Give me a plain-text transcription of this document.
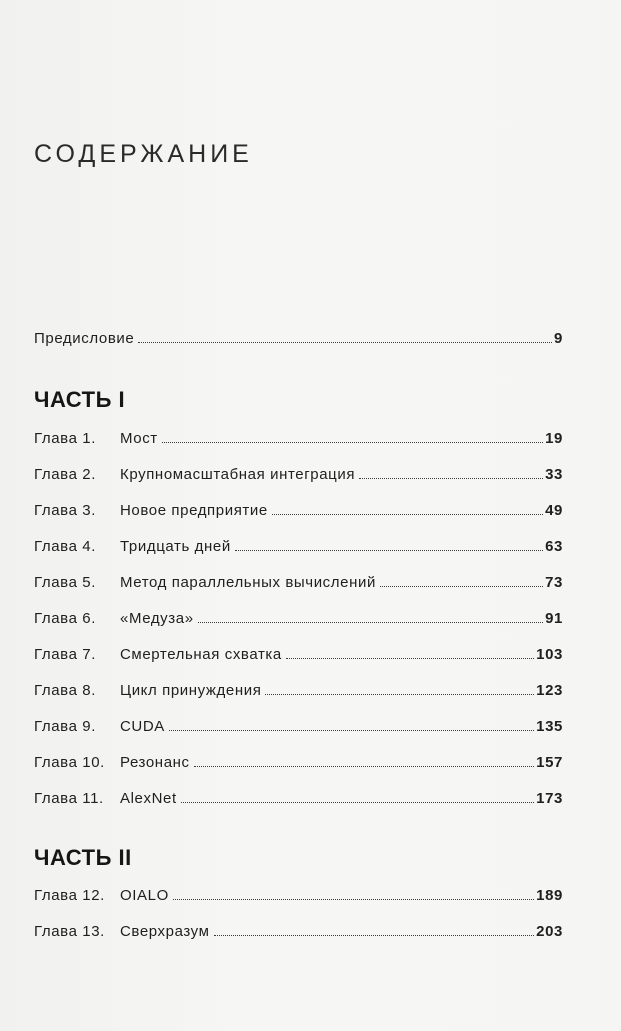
СОДЕРЖАНИЕ
Предисловие	9
ЧАСТЬ I
Глава 1.	Мост	19
Глава 2.	Крупномасштабная интеграция	33
Глава 3.	Новое предприятие	49
Глава 4.	Тридцать дней	63
Глава 5.	Метод параллельных вычислений	73
Глава 6.	«Медуза»	91
Глава 7.	Смертельная схватка	103
Глава 8.	Цикл принуждения	123
Глава 9.	CUDA	135
Глава 10.	Резонанс	157
Глава 11.	AlexNet	173
ЧАСТЬ II
Глава 12.	OIALO	189
Глава 13.	Сверхразум	203
